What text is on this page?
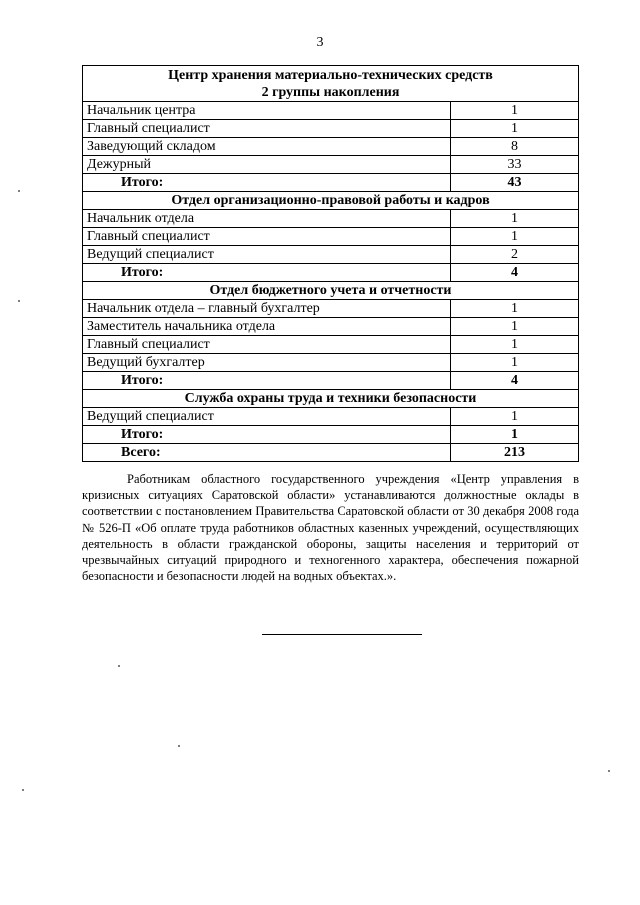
3
Центр хранения материально-технических средств
2 группы накопления	

Начальник центра	1
Главный специалист	1
Заведующий складом	8
Дежурный	33
Итого:	43

Отдел организационно-правовой работы и кадров	

Начальник отдела	1
Главный специалист	1
Ведущий специалист	2
Итого:	4

Отдел бюджетного учета и отчетности	

Начальник отдела – главный бухгалтер	1
Заместитель начальника отдела	1
Главный специалист	1
Ведущий бухгалтер	1
Итого:	4

Служба охраны труда и техники безопасности	

Ведущий специалист	1
Итого:	1
Всего:	213
Работникам областного государственного учреждения «Центр управления в кризисных ситуациях Саратовской области» устанавливаются должностные оклады в соответствии с постановлением Правительства Саратовской области от 30 декабря 2008 года № 526-П «Об оплате труда работников областных казенных учреждений, осуществляющих деятельность в области гражданской обороны, защиты населения и территорий от чрезвычайных ситуаций природного и техногенного характера, обеспечения пожарной безопасности и безопасности людей на водных объектах.».
